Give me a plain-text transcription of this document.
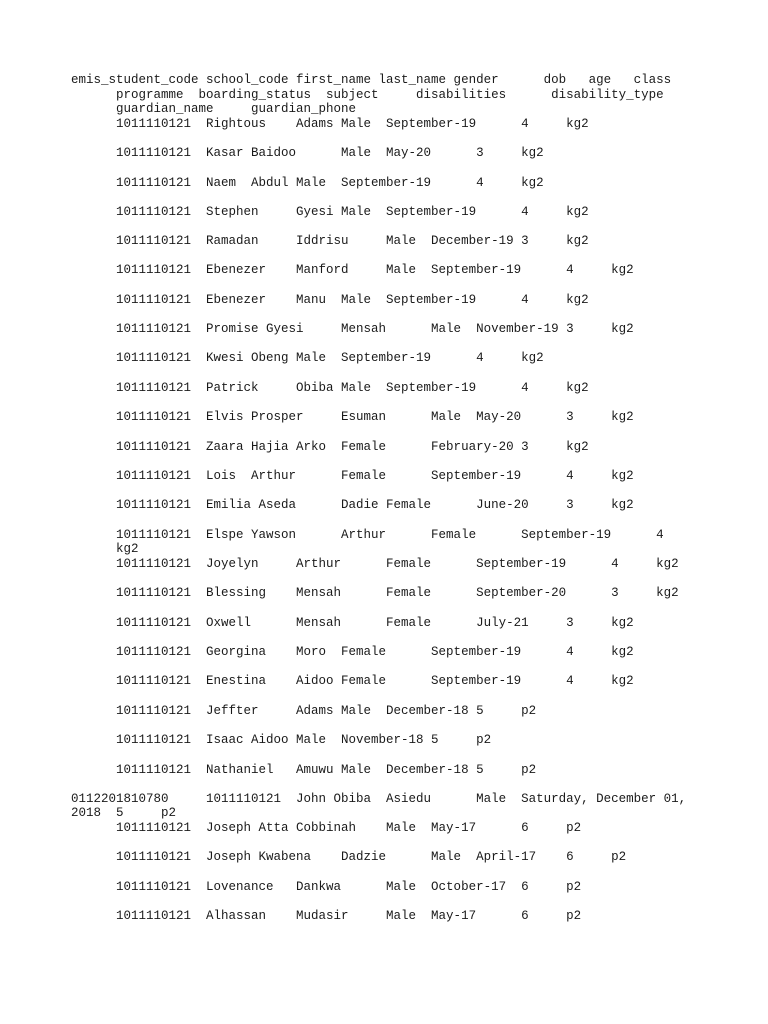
emis_student_code school_code first_name last_name gender      dob   age   class
programme  boarding_status  subject     disabilities      disability_type
guardian_name     guardian_phone
1011110121  Rightous    Adams Male  September-19      4     kg2
1011110121  Kasar Baidoo      Male  May-20      3     kg2
1011110121  Naem  Abdul Male  September-19      4     kg2
1011110121  Stephen     Gyesi Male  September-19      4     kg2
1011110121  Ramadan     Iddrisu     Male  December-19 3     kg2
1011110121  Ebenezer    Manford     Male  September-19      4     kg2
1011110121  Ebenezer    Manu  Male  September-19      4     kg2
1011110121  Promise Gyesi     Mensah      Male  November-19 3     kg2
1011110121  Kwesi Obeng Male  September-19      4     kg2
1011110121  Patrick     Obiba Male  September-19      4     kg2
1011110121  Elvis Prosper     Esuman      Male  May-20      3     kg2
1011110121  Zaara Hajia Arko  Female      February-20 3     kg2
1011110121  Lois  Arthur      Female      September-19      4     kg2
1011110121  Emilia Aseda      Dadie Female      June-20     3     kg2
1011110121  Elspe Yawson      Arthur      Female      September-19      4
kg2
1011110121  Joyelyn     Arthur      Female      September-19      4     kg2
1011110121  Blessing    Mensah      Female      September-20      3     kg2
1011110121  Oxwell      Mensah      Female      July-21     3     kg2
1011110121  Georgina    Moro  Female      September-19      4     kg2
1011110121  Enestina    Aidoo Female      September-19      4     kg2
1011110121  Jeffter     Adams Male  December-18 5     p2
1011110121  Isaac Aidoo Male  November-18 5     p2
1011110121  Nathaniel   Amuwu Male  December-18 5     p2
0112201810780     1011110121  John Obiba  Asiedu      Male  Saturday, December 01,
2018  5     p2
1011110121  Joseph Atta Cobbinah    Male  May-17      6     p2
1011110121  Joseph Kwabena    Dadzie      Male  April-17    6     p2
1011110121  Lovenance   Dankwa      Male  October-17  6     p2
1011110121  Alhassan    Mudasir     Male  May-17      6     p2
